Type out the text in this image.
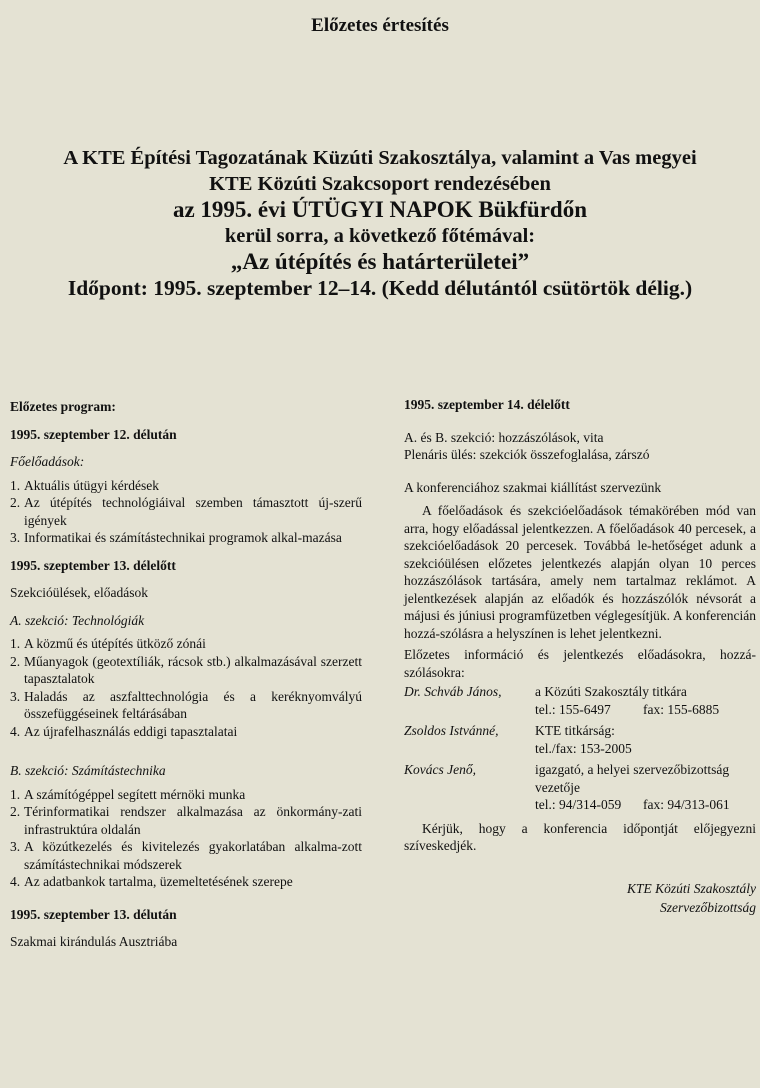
Előzetes értesítés
A KTE Építési Tagozatának Küzúti Szakosztálya, valamint a Vas megyei
KTE Közúti Szakcsoport rendezésében
az 1995. évi ÚTÜGYI NAPOK Bükfürdőn
kerül sorra, a következő főtémával:
„Az útépítés és határterületei”
Időpont: 1995. szeptember 12–14. (Kedd délutántól csütörtök délig.)

Előzetes program:

1995. szeptember 12. délután

Főelőadások:

1. Aktuális útügyi kérdések
2. Az útépítés technológiáival szemben támasztott új-szerű igények
3. Informatikai és számítástechnikai programok alkal-mazása

1995. szeptember 13. délelőtt

Szekcióülések, előadások

A. szekció: Technológiák

1. A közmű és útépítés ütköző zónái
2. Műanyagok (geotextíliák, rácsok stb.) alkalmazásával szerzett tapasztalatok
3. Haladás az aszfalttechnológia és a keréknyomvályú összefüggéseinek feltárásában
4. Az újrafelhasználás eddigi tapasztalatai

B. szekció: Számítástechnika

1. A számítógéppel segített mérnöki munka
2. Térinformatikai rendszer alkalmazása az önkormány-zati infrastruktúra oldalán
3. A közútkezelés és kivitelezés gyakorlatában alkalma-zott számítástechnikai módszerek
4. Az adatbankok tartalma, üzemeltetésének szerepe

1995. szeptember 13. délután

Szakmai kirándulás Ausztriába

1995. szeptember 14. délelőtt

A. és B. szekció: hozzászólások, vita

Plenáris ülés: szekciók összefoglalása, zárszó

A konferenciához szakmai kiállítást szervezünk

A főelőadások és szekcióelőadások témakörében mód van arra, hogy előadással jelentkezzen. A főelőadások 40 percesek, a szekcióelőadások 20 percesek. Továbbá le-hetőséget adunk a szekcióülésen előzetes jelentkezés alapján olyan 10 perces hozzászólások tartására, amely nem tartalmaz reklámot. A jelentkezések alapján az előadók és hozzászólók névsorát a májusi és júniusi programfüzetben véglegesítjük. A konferencián hozzá-szólásra a helyszínen is lehet jelentkezni.

Előzetes információ és jelentkezés előadásokra, hozzá-szólásokra:

Dr. Schváb János,	a Közúti Szakosztály titkára
tel.: 155-6497 fax: 155-6885
Zsoldos Istvánné,	KTE titkárság:
tel./fax: 153-2005
Kovács Jenő,	igazgató, a helyei szervezőbizottság
vezetője
tel.: 94/314-059 fax: 94/313-061

Kérjük, hogy a konferencia időpontját előjegyezni szíveskedjék.

KTE Közúti Szakosztály
Szervezőbizottság
